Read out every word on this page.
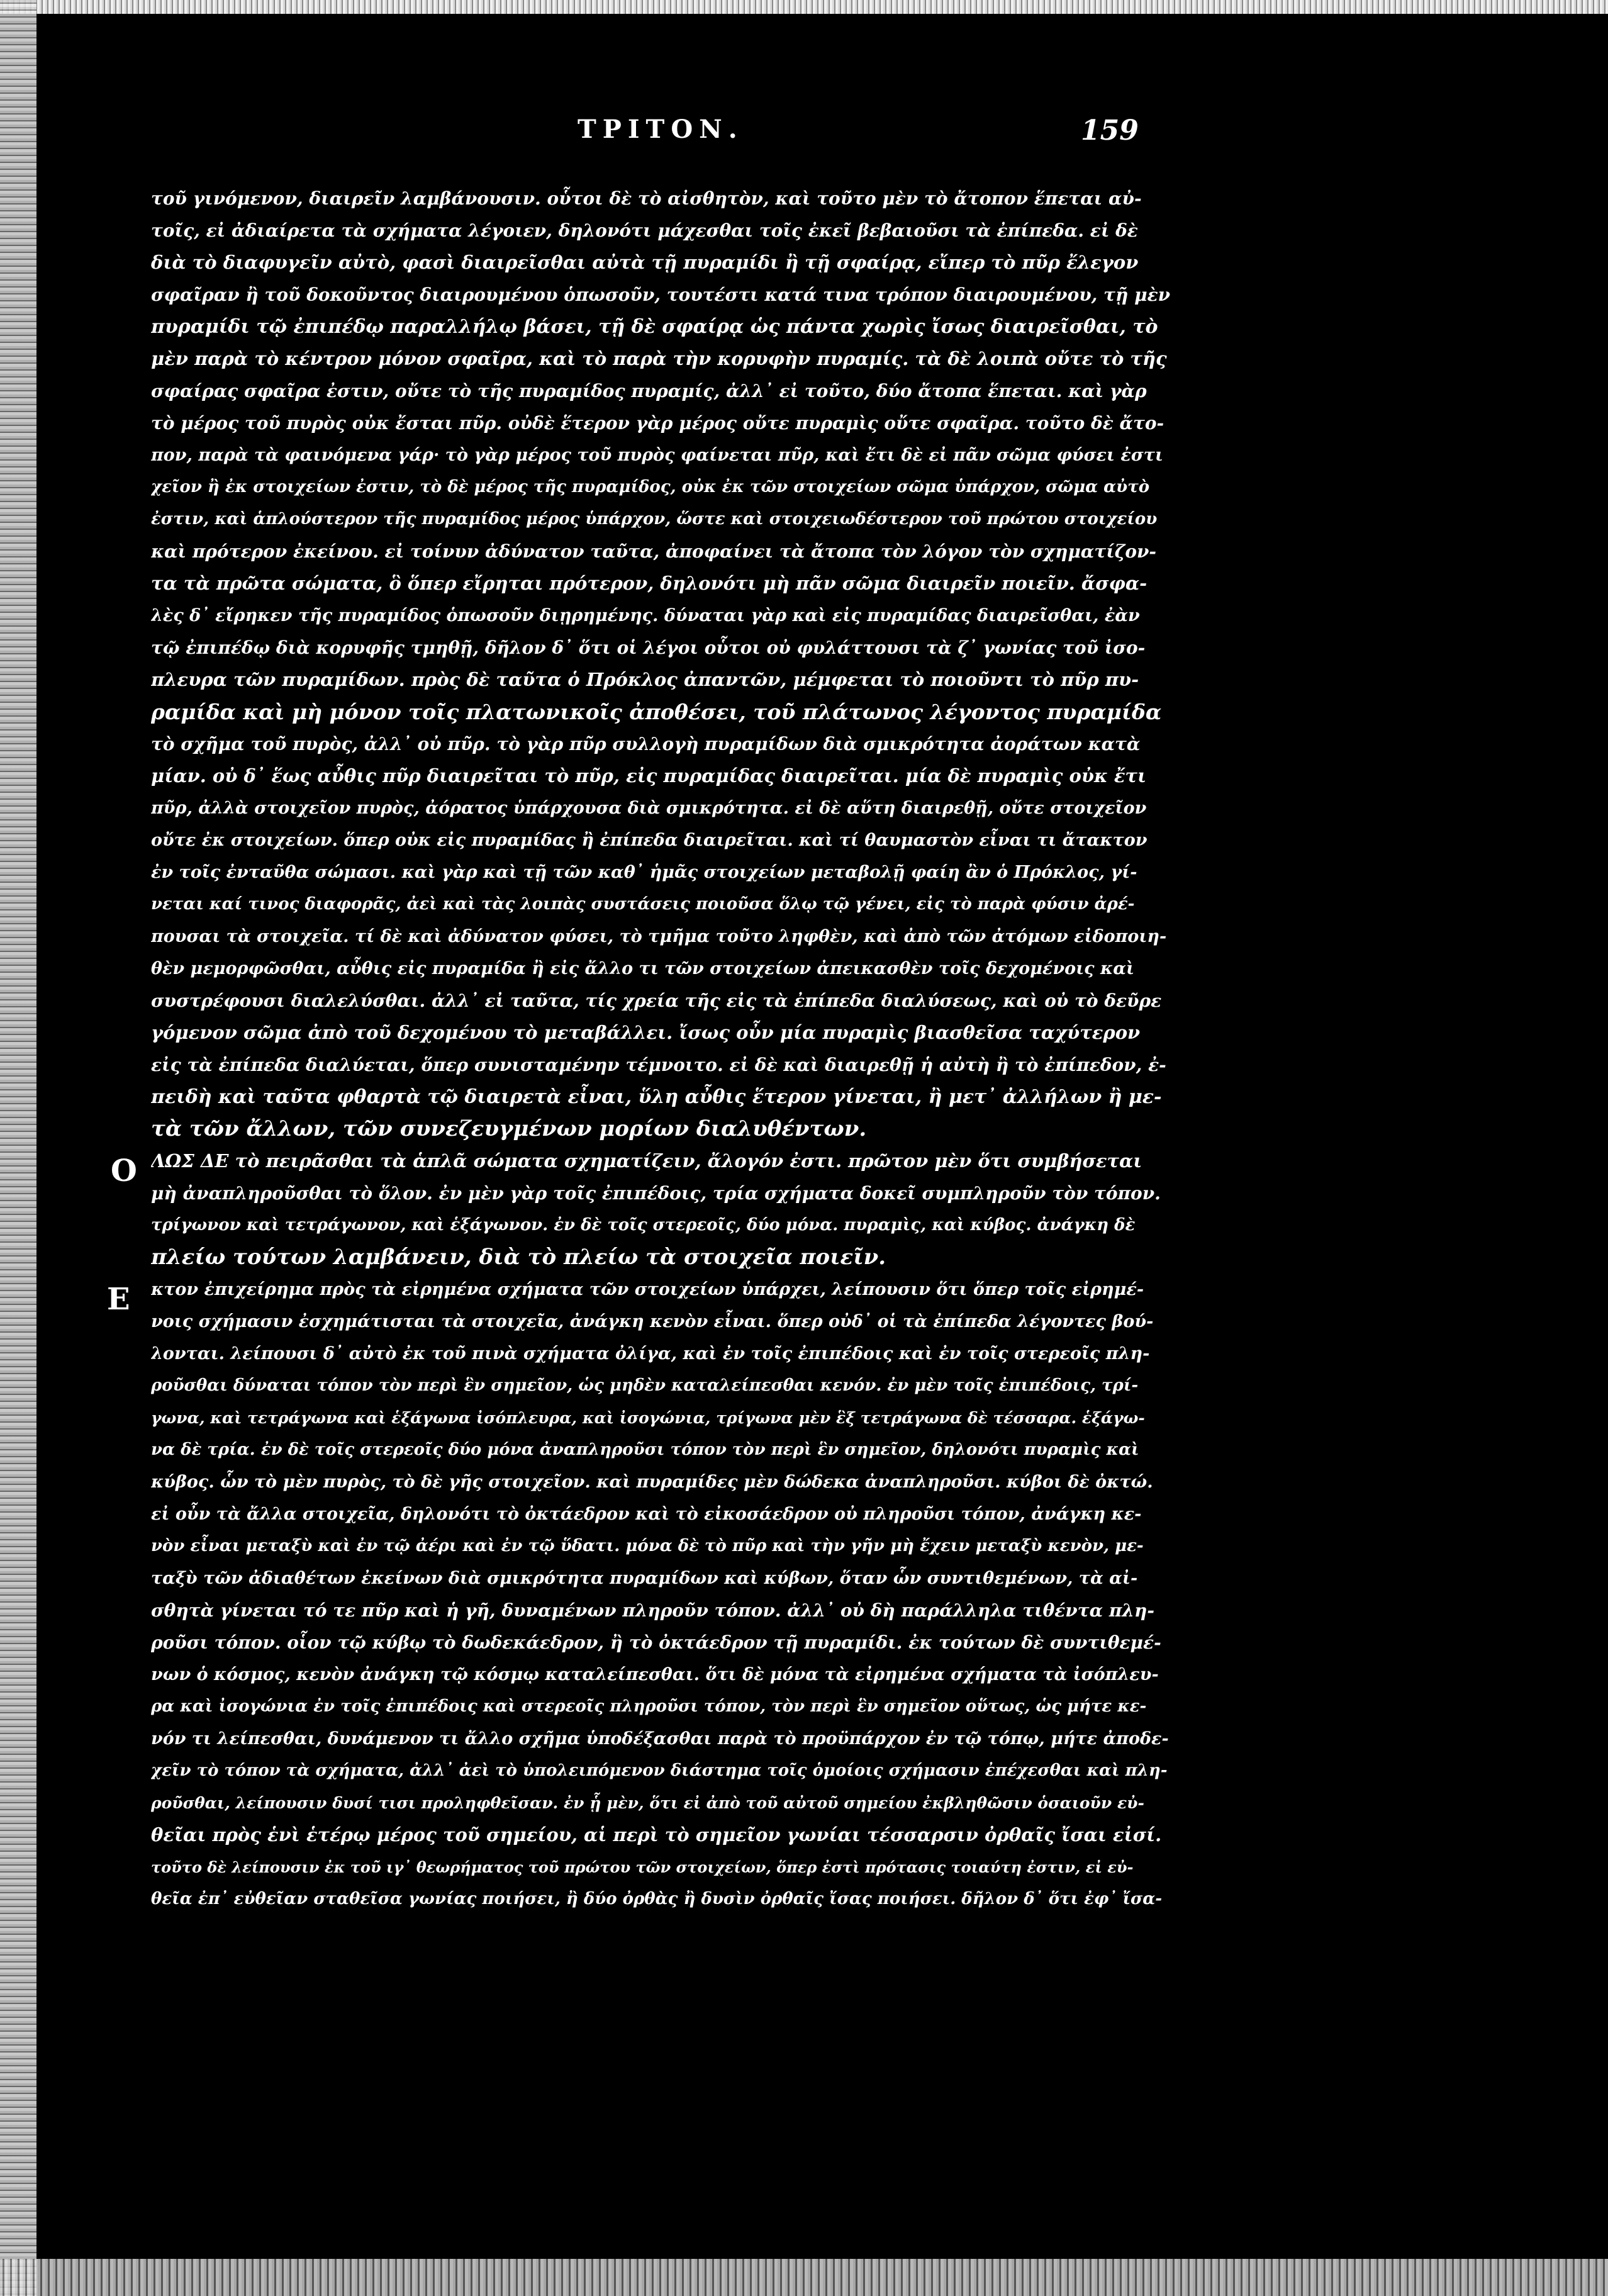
ΤΡΙΤΟΝ.	159
Ο
Ε
τοῦ γινόμενον, διαιρεῖν λαμβάνουσιν. οὗτοι δὲ τὸ αἰσθητὸν, καὶ τοῦτο μὲν τὸ ἄτοπον ἕπεται αὐ-
τοῖς, εἰ ἀδιαίρετα τὰ σχήματα λέγοιεν, δηλονότι μάχεσθαι τοῖς ἐκεῖ βεβαιοῦσι τὰ ἐπίπεδα. εἰ δὲ
διὰ τὸ διαφυγεῖν αὐτὸ, φασὶ διαιρεῖσθαι αὐτὰ τῇ πυραμίδι ἢ τῇ σφαίρᾳ, εἴπερ τὸ πῦρ ἔλεγον
σφαῖραν ἢ τοῦ δοκοῦντος διαιρουμένου ὁπωσοῦν, τουτέστι κατά τινα τρόπον διαιρουμένου, τῇ μὲν
πυραμίδι τῷ ἐπιπέδῳ παραλλήλῳ βάσει, τῇ δὲ σφαίρᾳ ὡς πάντα χωρὶς ἴσως διαιρεῖσθαι, τὸ
μὲν παρὰ τὸ κέντρον μόνον σφαῖρα, καὶ τὸ παρὰ τὴν κορυφὴν πυραμίς. τὰ δὲ λοιπὰ οὔτε τὸ τῆς
σφαίρας σφαῖρα ἐστιν, οὔτε τὸ τῆς πυραμίδος πυραμίς, ἀλλ᾽ εἰ τοῦτο, δύο ἄτοπα ἕπεται. καὶ γὰρ
τὸ μέρος τοῦ πυρὸς οὐκ ἔσται πῦρ. οὐδὲ ἕτερον γὰρ μέρος οὔτε πυραμὶς οὔτε σφαῖρα. τοῦτο δὲ ἄτο-
πον, παρὰ τὰ φαινόμενα γάρ· τὸ γὰρ μέρος τοῦ πυρὸς φαίνεται πῦρ, καὶ ἔτι δὲ εἰ πᾶν σῶμα φύσει ἐστι
χεῖον ἢ ἐκ στοιχείων ἐστιν, τὸ δὲ μέρος τῆς πυραμίδος, οὐκ ἐκ τῶν στοιχείων σῶμα ὑπάρχον, σῶμα αὐτὸ
ἐστιν, καὶ ἁπλούστερον τῆς πυραμίδος μέρος ὑπάρχον, ὥστε καὶ στοιχειωδέστερον τοῦ πρώτου στοιχείου
καὶ πρότερον ἐκείνου. εἰ τοίνυν ἀδύνατον ταῦτα, ἀποφαίνει τὰ ἄτοπα τὸν λόγον τὸν σχηματίζον-
τα τὰ πρῶτα σώματα, ὃ ὅπερ εἴρηται πρότερον, δηλονότι μὴ πᾶν σῶμα διαιρεῖν ποιεῖν. ἄσφα-
λὲς δ᾽ εἴρηκεν τῆς πυραμίδος ὁπωσοῦν διῃρημένης. δύναται γὰρ καὶ εἰς πυραμίδας διαιρεῖσθαι, ἐὰν
τῷ ἐπιπέδῳ διὰ κορυφῆς τμηθῇ, δῆλον δ᾽ ὅτι οἱ λέγοι οὗτοι οὐ φυλάττουσι τὰ ζ᾽ γωνίας τοῦ ἰσο-
πλευρα τῶν πυραμίδων. πρὸς δὲ ταῦτα ὁ Πρόκλος ἀπαντῶν, μέμφεται τὸ ποιοῦντι τὸ πῦρ πυ-
ραμίδα καὶ μὴ μόνον τοῖς πλατωνικοῖς ἀποθέσει, τοῦ πλάτωνος λέγοντος πυραμίδα
τὸ σχῆμα τοῦ πυρὸς, ἀλλ᾽ οὐ πῦρ. τὸ γὰρ πῦρ συλλογὴ πυραμίδων διὰ σμικρότητα ἀοράτων κατὰ
μίαν. οὐ δ᾽ ἕως αὖθις πῦρ διαιρεῖται τὸ πῦρ, εἰς πυραμίδας διαιρεῖται. μία δὲ πυραμὶς οὐκ ἔτι
πῦρ, ἀλλὰ στοιχεῖον πυρὸς, ἀόρατος ὑπάρχουσα διὰ σμικρότητα. εἰ δὲ αὕτη διαιρεθῇ, οὔτε στοιχεῖον
οὔτε ἐκ στοιχείων. ὅπερ οὐκ εἰς πυραμίδας ἢ ἐπίπεδα διαιρεῖται. καὶ τί θαυμαστὸν εἶναι τι ἄτακτον
ἐν τοῖς ἐνταῦθα σώμασι. καὶ γὰρ καὶ τῇ τῶν καθ᾽ ἡμᾶς στοιχείων μεταβολῇ φαίη ἂν ὁ Πρόκλος, γί-
νεται καί τινος διαφορᾶς, ἀεὶ καὶ τὰς λοιπὰς συστάσεις ποιοῦσα ὅλῳ τῷ γένει, εἰς τὸ παρὰ φύσιν ἀρέ-
πουσαι τὰ στοιχεῖα. τί δὲ καὶ ἀδύνατον φύσει, τὸ τμῆμα τοῦτο ληφθὲν, καὶ ἀπὸ τῶν ἀτόμων εἰδοποιη-
θὲν μεμορφῶσθαι, αὖθις εἰς πυραμίδα ἢ εἰς ἄλλο τι τῶν στοιχείων ἀπεικασθὲν τοῖς δεχομένοις καὶ
συστρέφουσι διαλελύσθαι. ἀλλ᾽ εἰ ταῦτα, τίς χρεία τῆς εἰς τὰ ἐπίπεδα διαλύσεως, καὶ οὐ τὸ δεῦρε
γόμενον σῶμα ἀπὸ τοῦ δεχομένου τὸ μεταβάλλει. ἴσως οὖν μία πυραμὶς βιασθεῖσα ταχύτερον
εἰς τὰ ἐπίπεδα διαλύεται, ὅπερ συνισταμένην τέμνοιτο. εἰ δὲ καὶ διαιρεθῇ ἡ αὐτὴ ἢ τὸ ἐπίπεδον, ἐ-
πειδὴ καὶ ταῦτα φθαρτὰ τῷ διαιρετὰ εἶναι, ὕλη αὖθις ἕτερον γίνεται, ἢ μετ᾽ ἀλλήλων ἢ με-
τὰ τῶν ἄλλων, τῶν συνεζευγμένων μορίων διαλυθέντων.
ΛΩΣ ΔΕ τὸ πειρᾶσθαι τὰ ἁπλᾶ σώματα σχηματίζειν, ἄλογόν ἐστι. πρῶτον μὲν ὅτι συμβήσεται
μὴ ἀναπληροῦσθαι τὸ ὅλον. ἐν μὲν γὰρ τοῖς ἐπιπέδοις, τρία σχήματα δοκεῖ συμπληροῦν τὸν τόπον.
τρίγωνον καὶ τετράγωνον, καὶ ἑξάγωνον. ἐν δὲ τοῖς στερεοῖς, δύο μόνα. πυραμὶς, καὶ κύβος. ἀνάγκη δὲ
πλείω τούτων λαμβάνειν, διὰ τὸ πλείω τὰ στοιχεῖα ποιεῖν.
κτον ἐπιχείρημα πρὸς τὰ εἰρημένα σχήματα τῶν στοιχείων ὑπάρχει, λείπουσιν ὅτι ὅπερ τοῖς εἰρημέ-
νοις σχήμασιν ἐσχημάτισται τὰ στοιχεῖα, ἀνάγκη κενὸν εἶναι. ὅπερ οὐδ᾽ οἱ τὰ ἐπίπεδα λέγοντες βού-
λονται. λείπουσι δ᾽ αὐτὸ ἐκ τοῦ πινὰ σχήματα ὀλίγα, καὶ ἐν τοῖς ἐπιπέδοις καὶ ἐν τοῖς στερεοῖς πλη-
ροῦσθαι δύναται τόπον τὸν περὶ ἓν σημεῖον, ὡς μηδὲν καταλείπεσθαι κενόν. ἐν μὲν τοῖς ἐπιπέδοις, τρί-
γωνα, καὶ τετράγωνα καὶ ἑξάγωνα ἰσόπλευρα, καὶ ἰσογώνια, τρίγωνα μὲν ἓξ τετράγωνα δὲ τέσσαρα. ἑξάγω-
να δὲ τρία. ἐν δὲ τοῖς στερεοῖς δύο μόνα ἀναπληροῦσι τόπον τὸν περὶ ἓν σημεῖον, δηλονότι πυραμὶς καὶ
κύβος. ὧν τὸ μὲν πυρὸς, τὸ δὲ γῆς στοιχεῖον. καὶ πυραμίδες μὲν δώδεκα ἀναπληροῦσι. κύβοι δὲ ὀκτώ.
εἰ οὖν τὰ ἄλλα στοιχεῖα, δηλονότι τὸ ὀκτάεδρον καὶ τὸ εἰκοσάεδρον οὐ πληροῦσι τόπον, ἀνάγκη κε-
νὸν εἶναι μεταξὺ καὶ ἐν τῷ ἀέρι καὶ ἐν τῷ ὕδατι. μόνα δὲ τὸ πῦρ καὶ τὴν γῆν μὴ ἔχειν μεταξὺ κενὸν, με-
ταξὺ τῶν ἀδιαθέτων ἐκείνων διὰ σμικρότητα πυραμίδων καὶ κύβων, ὅταν ὧν συντιθεμένων, τὰ αἰ-
σθητὰ γίνεται τό τε πῦρ καὶ ἡ γῆ, δυναμένων πληροῦν τόπον. ἀλλ᾽ οὐ δὴ παράλληλα τιθέντα πλη-
ροῦσι τόπον. οἷον τῷ κύβῳ τὸ δωδεκάεδρον, ἢ τὸ ὀκτάεδρον τῇ πυραμίδι. ἐκ τούτων δὲ συντιθεμέ-
νων ὁ κόσμος, κενὸν ἀνάγκη τῷ κόσμῳ καταλείπεσθαι. ὅτι δὲ μόνα τὰ εἰρημένα σχήματα τὰ ἰσόπλευ-
ρα καὶ ἰσογώνια ἐν τοῖς ἐπιπέδοις καὶ στερεοῖς πληροῦσι τόπον, τὸν περὶ ἓν σημεῖον οὕτως, ὡς μήτε κε-
νόν τι λείπεσθαι, δυνάμενον τι ἄλλο σχῆμα ὑποδέξασθαι παρὰ τὸ προϋπάρχον ἐν τῷ τόπῳ, μήτε ἀποδε-
χεῖν τὸ τόπον τὰ σχήματα, ἀλλ᾽ ἀεὶ τὸ ὑπολειπόμενον διάστημα τοῖς ὁμοίοις σχήμασιν ἐπέχεσθαι καὶ πλη-
ροῦσθαι, λείπουσιν δυσί τισι προληφθεῖσαν. ἐν ᾗ μὲν, ὅτι εἰ ἀπὸ τοῦ αὐτοῦ σημείου ἐκβληθῶσιν ὁσαιοῦν εὐ-
θεῖαι πρὸς ἑνὶ ἑτέρῳ μέρος τοῦ σημείου, αἱ περὶ τὸ σημεῖον γωνίαι τέσσαρσιν ὀρθαῖς ἴσαι εἰσί.
τοῦτο δὲ λείπουσιν ἐκ τοῦ ιγ᾽ θεωρήματος τοῦ πρώτου τῶν στοιχείων, ὅπερ ἐστὶ πρότασις τοιαύτη ἐστιν, εἰ εὐ-
θεῖα ἐπ᾽ εὐθεῖαν σταθεῖσα γωνίας ποιήσει, ἢ δύο ὀρθὰς ἢ δυσὶν ὀρθαῖς ἴσας ποιήσει. δῆλον δ᾽ ὅτι ἐφ᾽ ἴσα-
